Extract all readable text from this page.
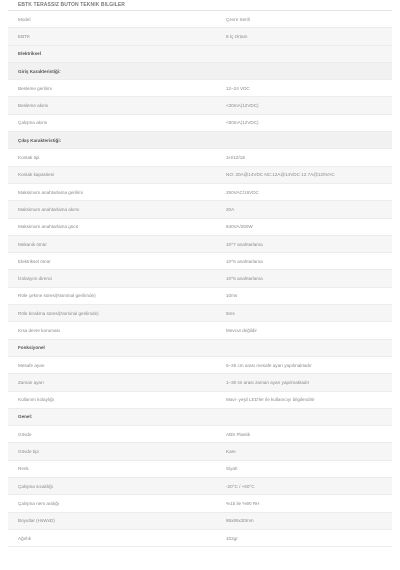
EBTK TERASSIZ BUTON TEKNIK BILGILER
Model	Çevre Serili
EBTK	8 İç Ortam
Elektriksel
Giriş Karakteristiği:
Besleme gerilimi	12–24 VDC
Besleme akımı	<30mA(12VDC)
Çalışma akımı	<60mA(12VDC)
Çıkış Karakteristiği:
Kontak tipi	1H/1Z/1E
Kontak kapasitesi	NO: 20A@14VDC NC:12A@14VDC 12.7A@120VAC
Maksimum anahtarlama gerilimi	250VAC/16VDC
Maksimum anahtarlama akımı	20A
Maksimum anahtarlama gücü	840VA/280W
Mekanik ömür	10^7 anahtarlama
Elektriksel ömür	10^5 anahtarlama
İzolasyon direnci	10^5 anahtarlama
Röle çekme süresi(Nominal gerilimde)	10ms
Röle bırakma süresi(Nominal gerilimde)	5ms
Kısa devre koruması	Mevcut değildir
Fonksiyonel
Mesafe ayarı	5–25 cm arası mesafe ayarı yapılmaktadır
Zaman ayarı	1–30 sn arası zaman ayarı yapılmaktadır
Kullanım kolaylığı	Mavi- yeşil LED'ler ile kullanıcıyı bilgilendirir
Genel:
Gövde	ABS Plastik
Gövde tipi	Kare
Renk	Siyah
Çalışma sıcaklığı	-20°C / +60°C
Çalışma nem aralığı	%15 ile %90 RH
Boyutlar (HxWxD)	86x86x30mm
Ağırlık	102gr
